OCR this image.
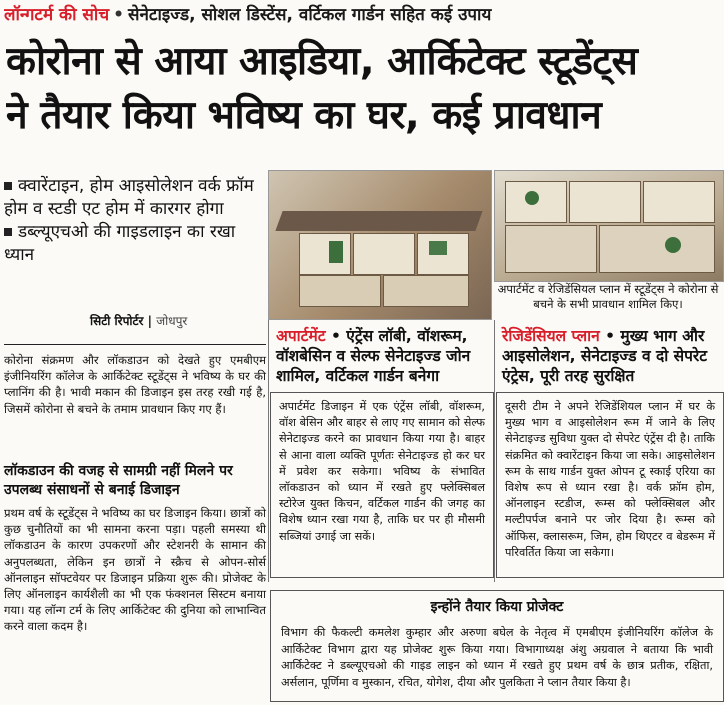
लॉन्गटर्म की सोच • सेनेटाइज्ड, सोशल डिस्टेंस, वर्टिकल गार्डन सहित कई उपाय
कोरोना से आया आइडिया, आर्किटेक्ट स्टूडेंट्स
ने तैयार किया भविष्य का घर, कई प्रावधान

क्वारेंटाइन, होम आइसोलेशन वर्क फ्रॉम होम व स्टडी एट होम में कारगर होगा

डब्ल्यूएचओ की गाइडलाइन का रखा ध्यान

सिटी रिपोर्टर | जोधपुर
अपार्टमेंट व रेजिडेंसियल प्लान में स्टूडेंट्स ने कोरोना से बचने के सभी प्रावधान शामिल किए।
अपार्टमेंट • एंट्रेंस लॉबी, वॉशरूम, वॉशबेसिन व सेल्फ सेनेटाइज्ड जोन शामिल, वर्टिकल गार्डन बनेगा

अपार्टमेंट डिजाइन में एक एंट्रेंस लॉबी, वॉशरूम, वॉश बेसिन और बाहर से लाए गए सामान को सेल्फ सेनेटाइज्ड करने का प्रावधान किया गया है। बाहर से आना वाला व्यक्ति पूर्णतः सेनेटाइज्ड हो कर घर में प्रवेश कर सकेगा। भविष्य के संभावित लॉकडाउन को ध्यान में रखते हुए फ्लेक्सिबल स्टोरेज युक्त किचन, वर्टिकल गार्डन की जगह का विशेष ध्यान रखा गया है, ताकि घर पर ही मौसमी सब्जियां उगाई जा सकें।

रेजिडेंसियल प्लान • मुख्य भाग और आइसोलेशन, सेनेटाइज्ड व दो सेपरेट एंट्रेस, पूरी तरह सुरक्षित

दूसरी टीम ने अपने रेजिडेंशियल प्लान में घर के मुख्य भाग व आइसोलेशन रूम में जाने के लिए सेनेटाइज्ड सुविधा युक्त दो सेपरेट एंट्रेंस दी है। ताकि संक्रमित को क्वारेंटाइन किया जा सके। आइसोलेशन रूम के साथ गार्डन युक्त ओपन टू स्काई एरिया का विशेष रूप से ध्यान रखा है। वर्क फ्रॉम होम, ऑनलाइन स्टडीज, रूम्स को फ्लेक्सिबल और मल्टीपर्पज बनाने पर जोर दिया है। रूम्स को ऑफिस, क्लासरूम, जिम, होम थिएटर व बेडरूम में परिवर्तित किया जा सकेगा।

कोरोना संक्रमण और लॉकडाउन को देखते हुए एमबीएम इंजीनियरिंग कॉलेज के आर्किटेक्ट स्टूडेंट्स ने भविष्य के घर की प्लानिंग की है। भावी मकान की डिजाइन इस तरह रखी गई है, जिसमें कोरोना से बचने के तमाम प्रावधान किए गए हैं।

लॉकडाउन की वजह से सामग्री नहीं मिलने पर उपलब्ध संसाधनों से बनाई डिजाइन

प्रथम वर्ष के स्टूडेंट्स ने भविष्य का घर डिजाइन किया। छात्रों को कुछ चुनौतियों का भी सामना करना पड़ा। पहली समस्या थी लॉकडाउन के कारण उपकरणों और स्टेशनरी के सामान की अनुपलब्धता, लेकिन इन छात्रों ने स्क्रैच से ओपन-सोर्स ऑनलाइन सॉफ्टवेयर पर डिजाइन प्रक्रिया शुरू की। प्रोजेक्ट के लिए ऑनलाइन कार्यशैली का भी एक फंक्शनल सिस्टम बनाया गया। यह लॉन्ग टर्म के लिए आर्किटेक्ट की दुनिया को लाभान्वित करने वाला कदम है।

इन्होंने तैयार किया प्रोजेक्ट
विभाग की फैकल्टी कमलेश कुम्हार और अरुणा बघेल के नेतृत्व में एमबीएम इंजीनियरिंग कॉलेज के आर्किटेक्ट विभाग द्वारा यह प्रोजेक्ट शुरू किया गया। विभागाध्यक्ष अंशु अग्रवाल ने बताया कि भावी आर्किटेक्ट ने डब्ल्यूएचओ की गाइड लाइन को ध्यान में रखते हुए प्रथम वर्ष के छात्र प्रतीक, रक्षिता, अर्सलान, पूर्णिमा व मुस्कान, रचित, योगेश, दीया और पुलकिता ने प्लान तैयार किया है।
